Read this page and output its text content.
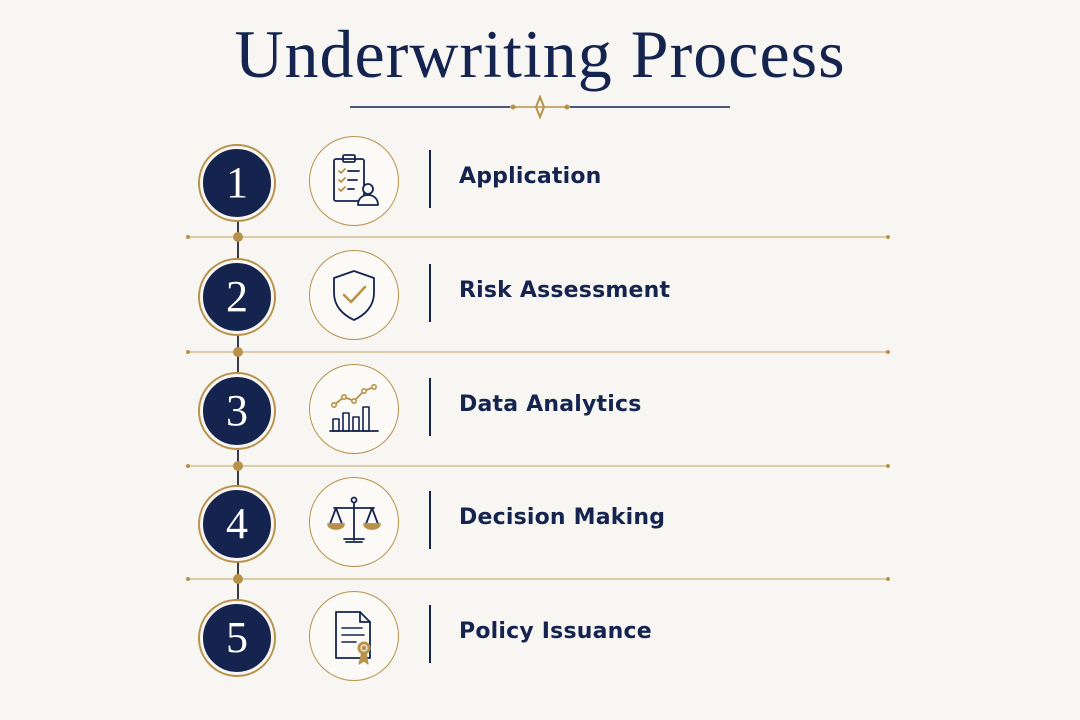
Underwriting Process
1	Application
2	Risk Assessment
3	Data Analytics
4	Decision Making
5	Policy Issuance
